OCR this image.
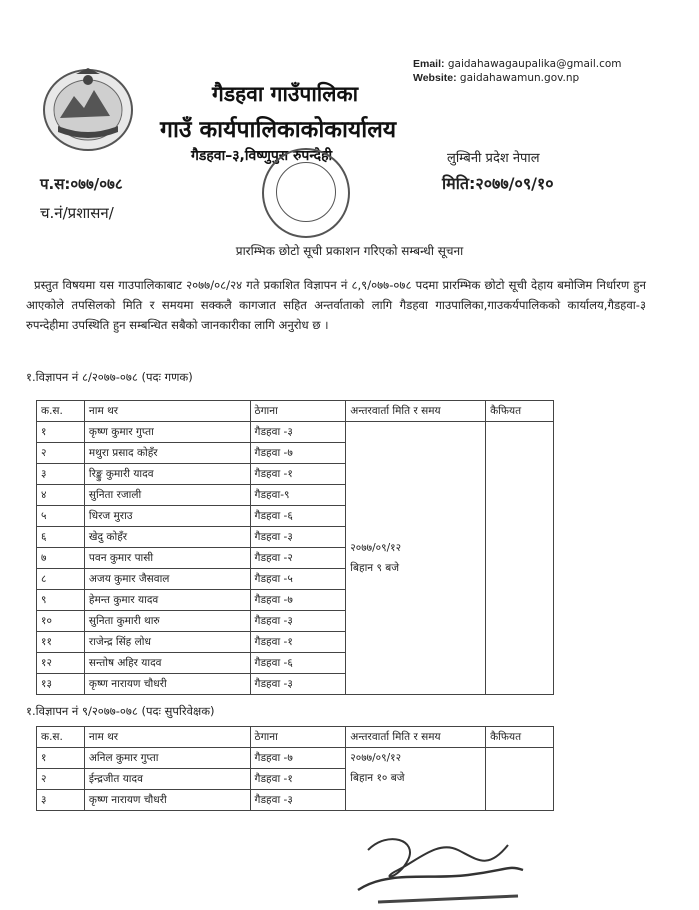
Email: gaidahawagaupalika@gmail.com
Website: gaidahawamun.gov.np
गैडहवा गाउँपालिका
गाउँ कार्यपालिकाकोकार्यालय
गैडहवा–३,विष्णुपुरा रुपन्देही	लुम्बिनी प्रदेश नेपाल
प.स:०७७/०७८	मिति:२०७७/०९/१०
च.नं/प्रशासन/
प्रारम्भिक छोटो सूची प्रकाशन गरिएको सम्बन्धी सूचना
प्रस्तुत विषयमा यस गाउपालिकाबाट २०७७/०८/२४ गते प्रकाशित विज्ञापन नं ८,९/०७७-०७८ पदमा प्रारम्भिक छोटो सूची देहाय बमोजिम निर्धारण हुन आएकोले तपसिलको मिति र समयमा सक्कलै कागजात सहित अन्तर्वाताको लागि गैडहवा गाउपालिका,गाउकर्यपालिकको कार्यालय,गैडहवा-३ रुपन्देहीमा उपस्थिति हुन सम्बन्धित सबैको जानकारीका लागि अनुरोध छ ।
१.विज्ञापन नं ८/२०७७-०७८ (पदः गणक)
क.स.	नाम थर	ठेगाना	अन्तरवार्ता मिति र समय	कैफियत
१	कृष्ण कुमार गुप्ता	गैडहवा -३	२०७७/०९/१२
बिहान ९ बजे	

२	मथुरा प्रसाद कोहँर	गैडहवा -७		
३	रिङ्कु कुमारी यादव	गैडहवा -१		
४	सुनिता रजाली	गैडहवा-९		
५	धिरज मुराउ	गैडहवा -६		
६	खेदु कोहँर	गैडहवा -३		
७	पवन कुमार पासी	गैडहवा -२		
८	अजय कुमार जैसवाल	गैडहवा -५		
९	हेमन्त कुमार यादव	गैडहवा -७		
१०	सुनिता कुमारी थारु	गैडहवा -३		
११	राजेन्द्र सिंह लोध	गैडहवा -१		
१२	सन्तोष अहिर यादव	गैडहवा -६		
१३	कृष्ण नारायण चौधरी	गैडहवा -३		
१.विज्ञापन नं ९/२०७७-०७८ (पदः सुपरिवेक्षक)
क.स.	नाम थर	ठेगाना	अन्तरवार्ता मिति र समय	कैफियत
१	अनिल कुमार गुप्ता	गैडहवा -७	२०७७/०९/१२
बिहान १० बजे	

२	ईन्द्रजीत यादव	गैडहवा -१		
३	कृष्ण नारायण चौधरी	गैडहवा -३		
